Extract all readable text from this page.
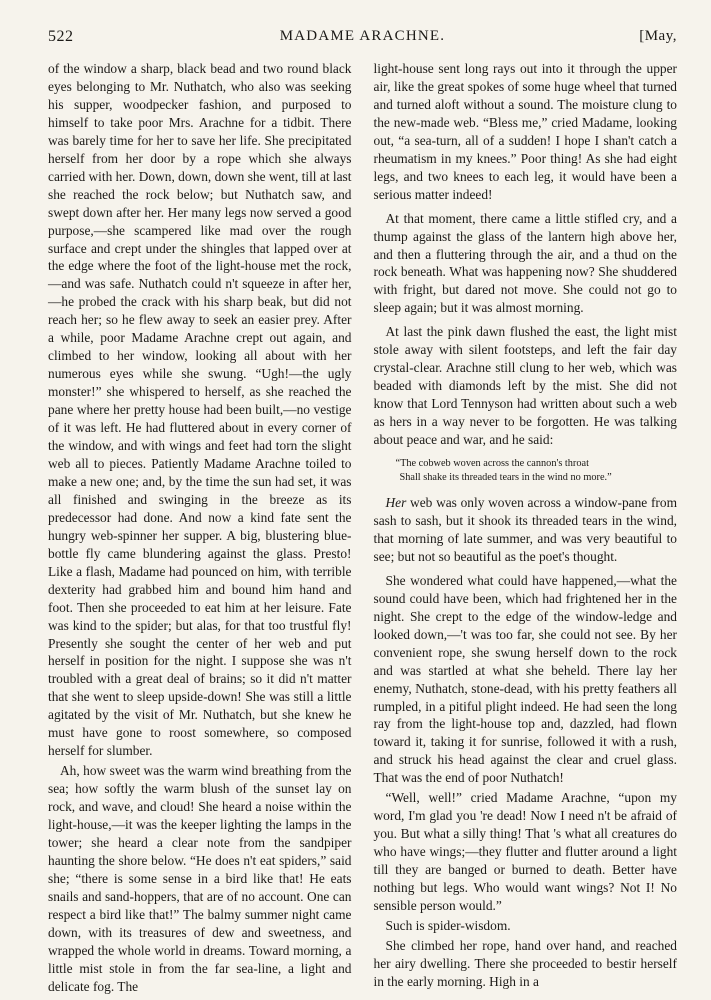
522	MADAME ARACHNE.	[May,

of the window a sharp, black bead and two round black eyes belonging to Mr. Nuthatch, who also was seeking his supper, woodpecker fashion, and purposed to himself to take poor Mrs. Arachne for a tidbit. There was barely time for her to save her life. She precipitated herself from her door by a rope which she always carried with her. Down, down, down she went, till at last she reached the rock below; but Nuthatch saw, and swept down after her. Her many legs now served a good purpose,—she scampered like mad over the rough surface and crept under the shingles that lapped over at the edge where the foot of the light-house met the rock,—and was safe. Nuthatch could n't squeeze in after her,—he probed the crack with his sharp beak, but did not reach her; so he flew away to seek an easier prey. After a while, poor Madame Arachne crept out again, and climbed to her window, looking all about with her numerous eyes while she swung. “Ugh!—the ugly monster!” she whispered to herself, as she reached the pane where her pretty house had been built,—no vestige of it was left. He had fluttered about in every corner of the window, and with wings and feet had torn the slight web all to pieces. Patiently Madame Arachne toiled to make a new one; and, by the time the sun had set, it was all finished and swinging in the breeze as its predecessor had done. And now a kind fate sent the hungry web-spinner her supper. A big, blustering blue-bottle fly came blundering against the glass. Presto! Like a flash, Madame had pounced on him, with terrible dexterity had grabbed him and bound him hand and foot. Then she proceeded to eat him at her leisure. Fate was kind to the spider; but alas, for that too trustful fly! Presently she sought the center of her web and put herself in position for the night. I suppose she was n't troubled with a great deal of brains; so it did n't matter that she went to sleep upside-down! She was still a little agitated by the visit of Mr. Nuthatch, but she knew he must have gone to roost somewhere, so composed herself for slumber.

Ah, how sweet was the warm wind breathing from the sea; how softly the warm blush of the sunset lay on rock, and wave, and cloud! She heard a noise within the light-house,—it was the keeper lighting the lamps in the tower; she heard a clear note from the sandpiper haunting the shore below. “He does n't eat spiders,” said she; “there is some sense in a bird like that! He eats snails and sand-hoppers, that are of no account. One can respect a bird like that!” The balmy summer night came down, with its treasures of dew and sweetness, and wrapped the whole world in dreams. Toward morning, a little mist stole in from the far sea-line, a light and delicate fog. The

light-house sent long rays out into it through the upper air, like the great spokes of some huge wheel that turned and turned aloft without a sound. The moisture clung to the new-made web. “Bless me,” cried Madame, looking out, “a sea-turn, all of a sudden! I hope I shan't catch a rheumatism in my knees.” Poor thing! As she had eight legs, and two knees to each leg, it would have been a serious matter indeed!

At that moment, there came a little stifled cry, and a thump against the glass of the lantern high above her, and then a fluttering through the air, and a thud on the rock beneath. What was happening now? She shuddered with fright, but dared not move. She could not go to sleep again; but it was almost morning.

At last the pink dawn flushed the east, the light mist stole away with silent footsteps, and left the fair day crystal-clear. Arachne still clung to her web, which was beaded with diamonds left by the mist. She did not know that Lord Tennyson had written about such a web as hers in a way never to be forgotten. He was talking about peace and war, and he said:

“The cobweb woven across the cannon's throat
Shall shake its threaded tears in the wind no more.”

Her web was only woven across a window-pane from sash to sash, but it shook its threaded tears in the wind, that morning of late summer, and was very beautiful to see; but not so beautiful as the poet's thought.

She wondered what could have happened,—what the sound could have been, which had frightened her in the night. She crept to the edge of the window-ledge and looked down,—'t was too far, she could not see. By her convenient rope, she swung herself down to the rock and was startled at what she beheld. There lay her enemy, Nuthatch, stone-dead, with his pretty feathers all rumpled, in a pitiful plight indeed. He had seen the long ray from the light-house top and, dazzled, had flown toward it, taking it for sunrise, followed it with a rush, and struck his head against the clear and cruel glass. That was the end of poor Nuthatch!

“Well, well!” cried Madame Arachne, “upon my word, I'm glad you 're dead! Now I need n't be afraid of you. But what a silly thing! That 's what all creatures do who have wings;—they flutter and flutter around a light till they are banged or burned to death. Better have nothing but legs. Who would want wings? Not I! No sensible person would.”

Such is spider-wisdom.

She climbed her rope, hand over hand, and reached her airy dwelling. There she proceeded to bestir herself in the early morning. High in a
